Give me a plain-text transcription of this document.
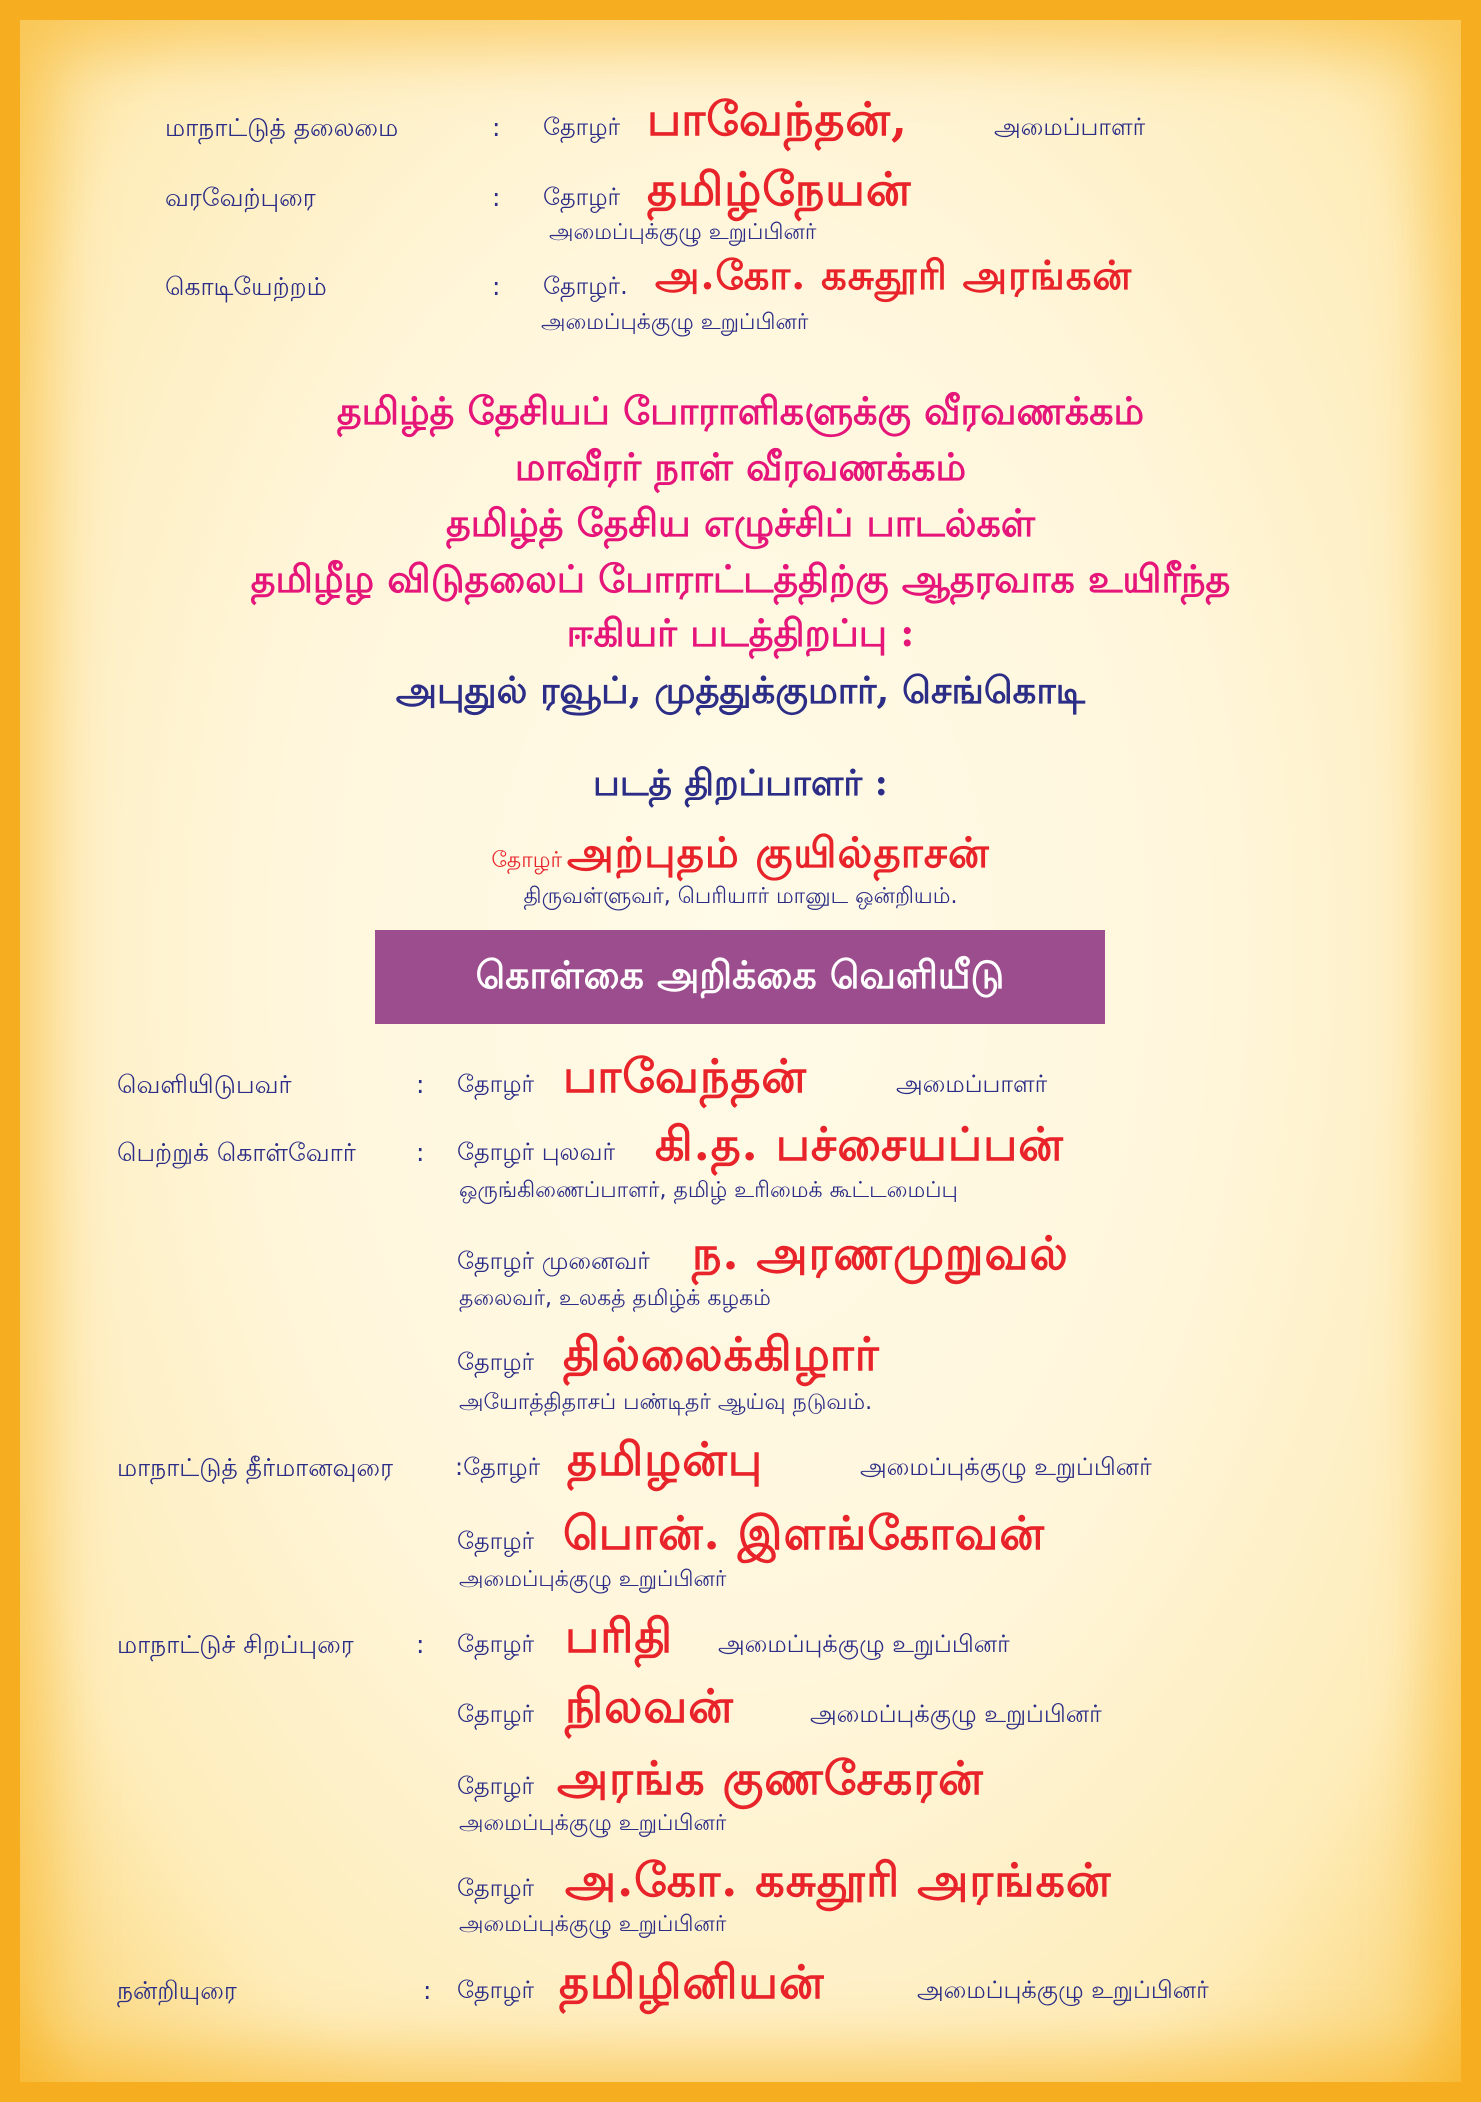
மாநாட்டுத் தலைமை	: தோழர் பாவேந்தன்,	அமைப்பாளர்
வரவேற்புரை	: தோழர் தமிழ்நேயன்
அமைப்புக்குழு உறுப்பினர்
கொடியேற்றம்	: தோழர். அ.கோ. கசுதூரி அரங்கன்
அமைப்புக்குழு உறுப்பினர்
தமிழ்த் தேசியப் போராளிகளுக்கு வீரவணக்கம்
மாவீரர் நாள் வீரவணக்கம்
தமிழ்த் தேசிய எழுச்சிப் பாடல்கள்
தமிழீழ விடுதலைப் போராட்டத்திற்கு ஆதரவாக உயிரீந்த
ஈகியர் படத்திறப்பு :
அபுதுல் ரவூப், முத்துக்குமார், செங்கொடி
படத் திறப்பாளர் :
தோழர் அற்புதம் குயில்தாசன்
திருவள்ளுவர், பெரியார் மானுட ஒன்றியம்.
கொள்கை அறிக்கை வெளியீடு
வெளியிடுபவர்	: தோழர் பாவேந்தன்	அமைப்பாளர்
பெற்றுக் கொள்வோர் : தோழர் புலவர் கி.த. பச்சையப்பன்
ஒருங்கிணைப்பாளர், தமிழ் உரிமைக் கூட்டமைப்பு
தோழர் முனைவர் ந. அரணமுறுவல்
தலைவர், உலகத் தமிழ்க் கழகம்
தோழர் தில்லைக்கிழார்
அயோத்திதாசப் பண்டிதர் ஆய்வு நடுவம்.
மாநாட்டுத் தீர்மானவுரை	:தோழர் தமிழன்பு	அமைப்புக்குழு உறுப்பினர்
தோழர் பொன். இளங்கோவன்
அமைப்புக்குழு உறுப்பினர்
மாநாட்டுச் சிறப்புரை : தோழர் பரிதி அமைப்புக்குழு உறுப்பினர்
தோழர் நிலவன்	அமைப்புக்குழு உறுப்பினர்
தோழர் அரங்க குணசேகரன்
அமைப்புக்குழு உறுப்பினர்
தோழர் அ.கோ. கசுதூரி அரங்கன்
அமைப்புக்குழு உறுப்பினர்
நன்றியுரை	: தோழர் தமிழினியன்	அமைப்புக்குழு உறுப்பினர்
